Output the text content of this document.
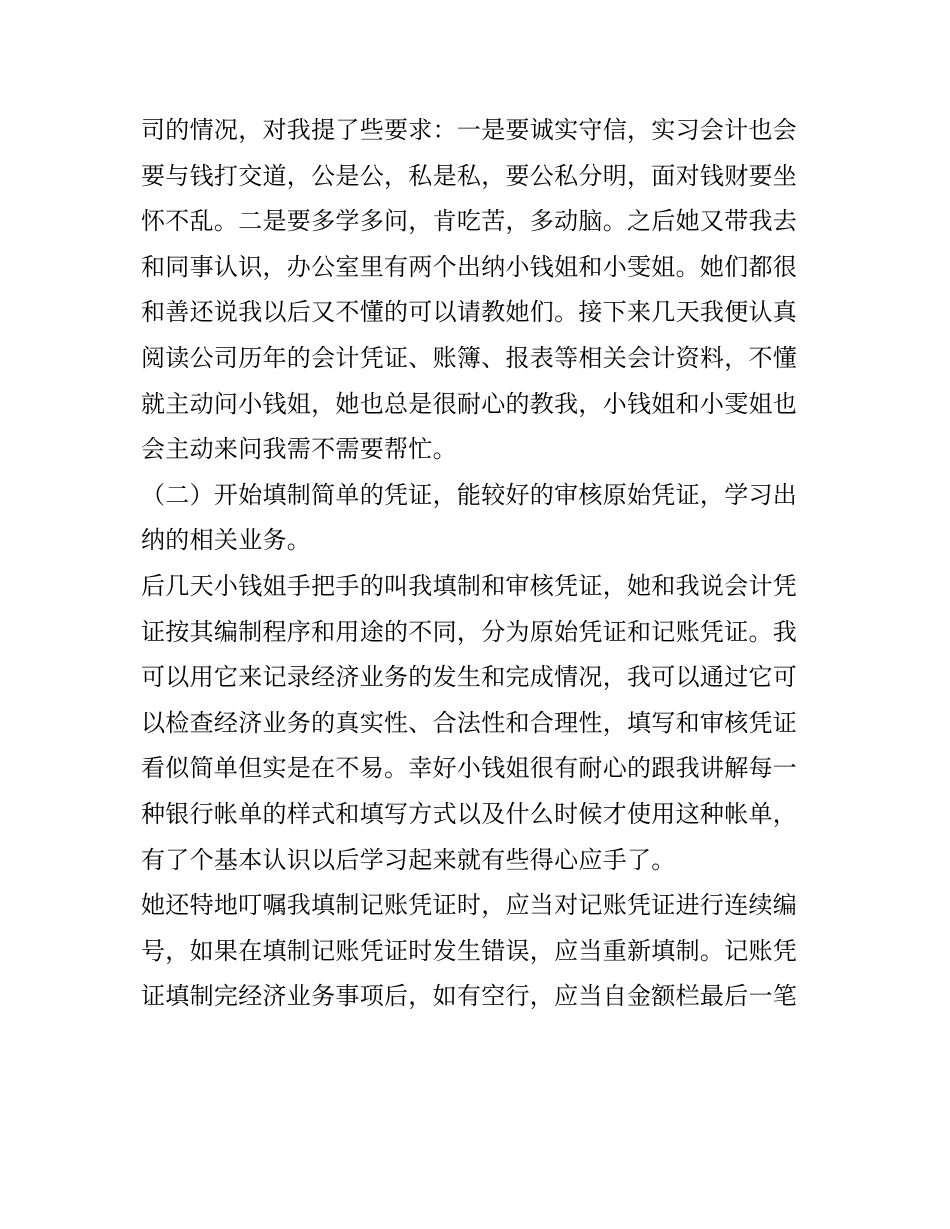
司的情况，对我提了些要求：一是要诚实守信，实习会计也会
要与钱打交道，公是公，私是私，要公私分明，面对钱财要坐
怀不乱。二是要多学多问，肯吃苦，多动脑。之后她又带我去
和同事认识，办公室里有两个出纳小钱姐和小雯姐。她们都很
和善还说我以后又不懂的可以请教她们。接下来几天我便认真
阅读公司历年的会计凭证、账簿、报表等相关会计资料，不懂
就主动问小钱姐，她也总是很耐心的教我，小钱姐和小雯姐也
会主动来问我需不需要帮忙。
（二）开始填制简单的凭证，能较好的审核原始凭证，学习出
纳的相关业务。
后几天小钱姐手把手的叫我填制和审核凭证，她和我说会计凭
证按其编制程序和用途的不同，分为原始凭证和记账凭证。我
可以用它来记录经济业务的发生和完成情况，我可以通过它可
以检查经济业务的真实性、合法性和合理性，填写和审核凭证
看似简单但实是在不易。幸好小钱姐很有耐心的跟我讲解每一
种银行帐单的样式和填写方式以及什么时候才使用这种帐单，
有了个基本认识以后学习起来就有些得心应手了。
她还特地叮嘱我填制记账凭证时，应当对记账凭证进行连续编
号，如果在填制记账凭证时发生错误，应当重新填制。记账凭
证填制完经济业务事项后，如有空行，应当自金额栏最后一笔
